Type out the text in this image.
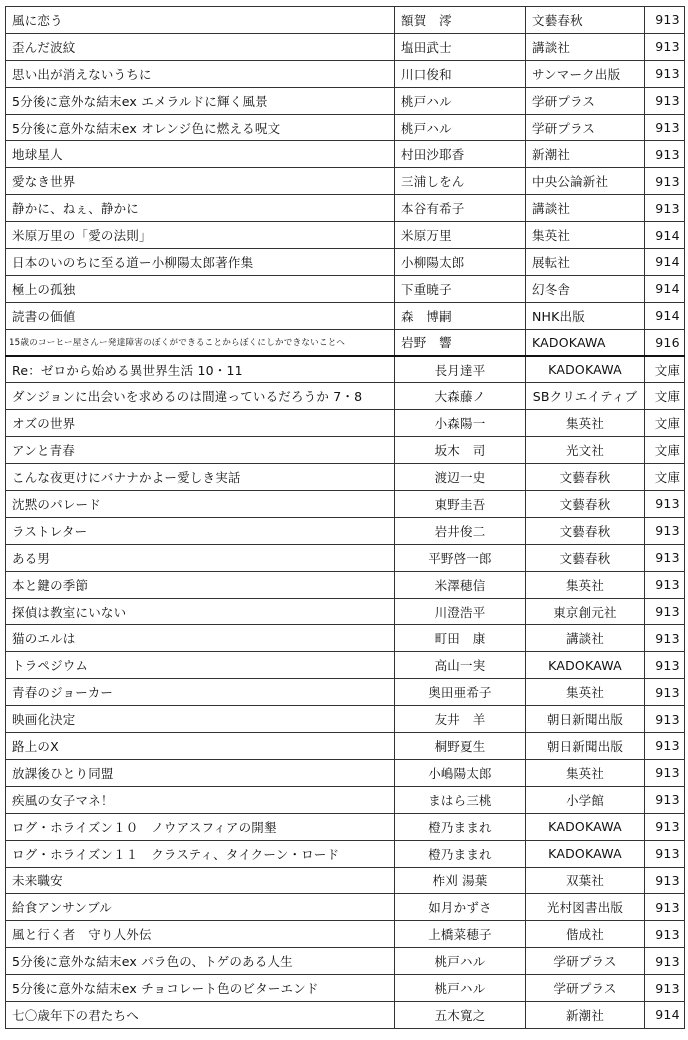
風に恋う	額賀　澪	文藝春秋	913
歪んだ波紋	塩田武士	講談社	913
思い出が消えないうちに	川口俊和	サンマーク出版	913
5分後に意外な結末ex エメラルドに輝く風景	桃戸ハル	学研プラス	913
5分後に意外な結末ex オレンジ色に燃える呪文	桃戸ハル	学研プラス	913
地球星人	村田沙耶香	新潮社	913
愛なき世界	三浦しをん	中央公論新社	913
静かに、ねぇ、静かに	本谷有希子	講談社	913
米原万里の「愛の法則」	米原万里	集英社	914
日本のいのちに至る道ー小柳陽太郎著作集	小柳陽太郎	展転社	914
極上の孤独	下重暁子	幻冬舎	914
読書の価値	森　博嗣	NHK出版	914
15歳のコーヒー屋さんー発達障害のぼくができることからぼくにしかできないことへ	岩野　響	KADOKAWA	916
Re：ゼロから始める異世界生活 10・11	長月達平	KADOKAWA	文庫
ダンジョンに出会いを求めるのは間違っているだろうか 7・8	大森藤ノ	SBクリエイティブ	文庫
オズの世界	小森陽一	集英社	文庫
アンと青春	坂木　司	光文社	文庫
こんな夜更けにバナナかよー愛しき実話	渡辺一史	文藝春秋	文庫
沈黙のパレード	東野圭吾	文藝春秋	913
ラストレター	岩井俊二	文藝春秋	913
ある男	平野啓一郎	文藝春秋	913
本と鍵の季節	米澤穂信	集英社	913
探偵は教室にいない	川澄浩平	東京創元社	913
猫のエルは	町田　康	講談社	913
トラペジウム	高山一実	KADOKAWA	913
青春のジョーカー	奥田亜希子	集英社	913
映画化決定	友井　羊	朝日新聞出版	913
路上のX	桐野夏生	朝日新聞出版	913
放課後ひとり同盟	小嶋陽太郎	集英社	913
疾風の女子マネ！	まはら三桃	小学館	913
ログ・ホライズン１０　ノウアスフィアの開墾	橙乃ままれ	KADOKAWA	913
ログ・ホライズン１１　クラスティ、タイクーン・ロード	橙乃ままれ	KADOKAWA	913
未来職安	柞刈 湯葉	双葉社	913
給食アンサンブル	如月かずさ	光村図書出版	913
風と行く者　守り人外伝	上橋菜穂子	偕成社	913
5分後に意外な結末ex パラ色の、トゲのある人生	桃戸ハル	学研プラス	913
5分後に意外な結末ex チョコレート色のビターエンド	桃戸ハル	学研プラス	913
七〇歳年下の君たちへ	五木寛之	新潮社	914
